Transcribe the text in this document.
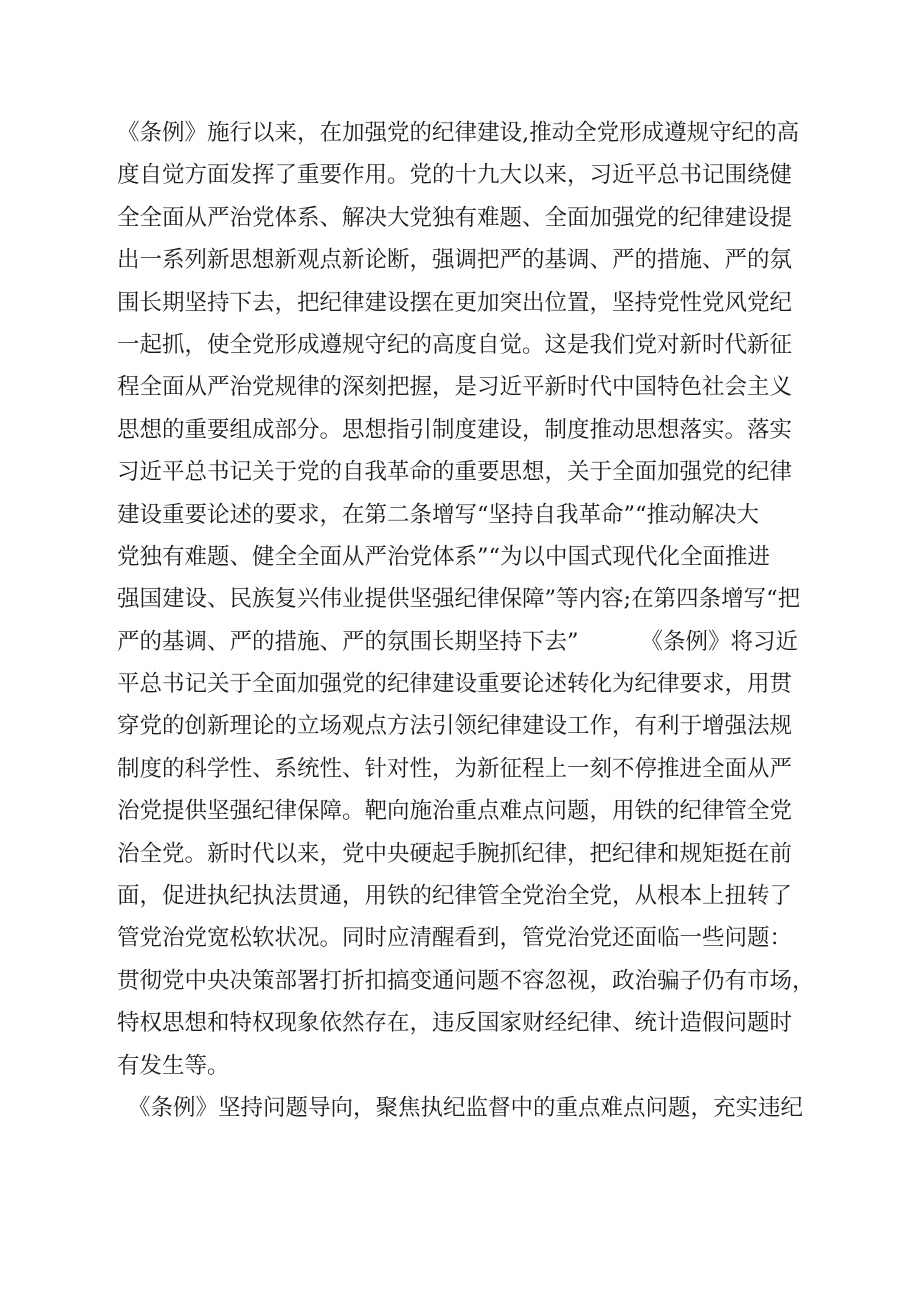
《条例》施行以来，在加强党的纪律建设,推动全党形成遵规守纪的高
度自觉方面发挥了重要作用。党的十九大以来，习近平总书记围绕健
全全面从严治党体系、解决大党独有难题、全面加强党的纪律建设提
出一系列新思想新观点新论断，强调把严的基调、严的措施、严的氛
围长期坚持下去，把纪律建设摆在更加突出位置，坚持党性党风党纪
一起抓，使全党形成遵规守纪的高度自觉。这是我们党对新时代新征
程全面从严治党规律的深刻把握，是习近平新时代中国特色社会主义
思想的重要组成部分。思想指引制度建设，制度推动思想落实。落实
习近平总书记关于党的自我革命的重要思想，关于全面加强党的纪律
建设重要论述的要求，在第二条增写“坚持自我革命”“推动解决大
党独有难题、健全全面从严治党体系”“为以中国式现代化全面推进
强国建设、民族复兴伟业提供坚强纪律保障”等内容;在第四条增写“把
严的基调、严的措施、严的氛围长期坚持下去”	《条例》将习近
平总书记关于全面加强党的纪律建设重要论述转化为纪律要求，用贯
穿党的创新理论的立场观点方法引领纪律建设工作，有利于增强法规
制度的科学性、系统性、针对性，为新征程上一刻不停推进全面从严
治党提供坚强纪律保障。靶向施治重点难点问题，用铁的纪律管全党
治全党。新时代以来，党中央硬起手腕抓纪律，把纪律和规矩挺在前
面，促进执纪执法贯通，用铁的纪律管全党治全党，从根本上扭转了
管党治党宽松软状况。同时应清醒看到，管党治党还面临一些问题：
贯彻党中央决策部署打折扣搞变通问题不容忽视，政治骗子仍有市场，
特权思想和特权现象依然存在，违反国家财经纪律、统计造假问题时
有发生等。
《条例》坚持问题导向，聚焦执纪监督中的重点难点问题，充实违纪
